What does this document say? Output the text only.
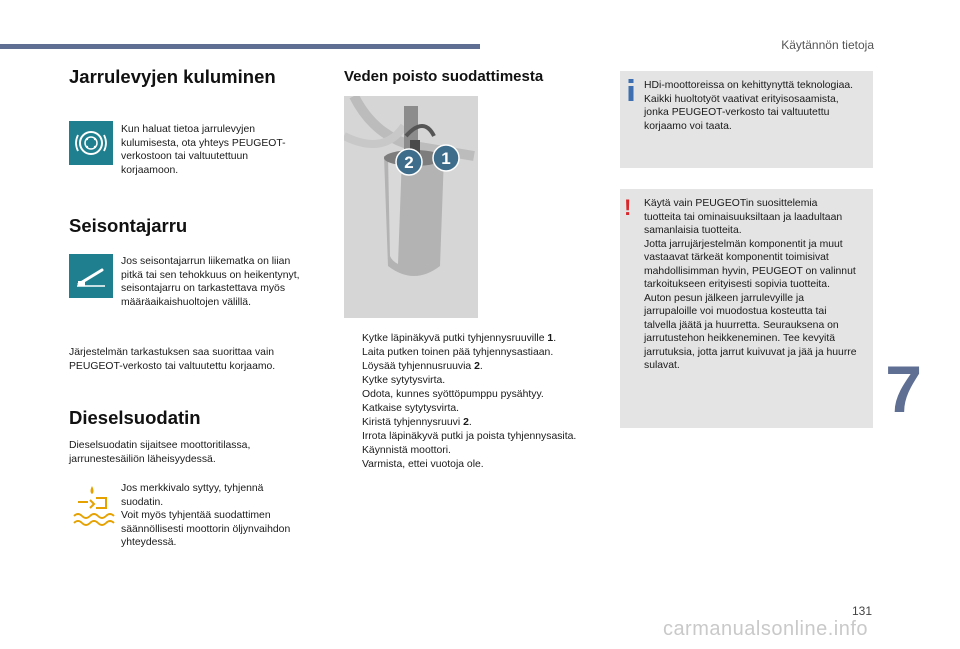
Käytännön tietoja
Jarrulevyjen kuluminen

Kun haluat tietoa jarrulevyjen
kulumisesta, ota yhteys PEUGEOT-
verkostoon tai valtuutettuun
korjaamoon.

Seisontajarru

Jos seisontajarrun liikematka on liian
pitkä tai sen tehokkuus on heikentynyt,
seisontajarru on tarkastettava myös
määräaikaishuoltojen välillä.

Järjestelmän tarkastuksen saa suorittaa vain
PEUGEOT-verkosto tai valtuutettu korjaamo.

Dieselsuodatin

Dieselsuodatin sijaitsee moottoritilassa,
jarrunestesäiliön läheisyydessä.

Jos merkkivalo syttyy, tyhjennä
suodatin.
Voit myös tyhjentää suodattimen
säännöllisesti moottorin öljynvaihdon
yhteydessä.

Veden poisto suodattimesta
2 1
Kytke läpinäkyvä putki tyhjennysruuville 1.
Laita putken toinen pää tyhjennysastiaan.
Löysää tyhjennusruuvia 2.
Kytke sytytysvirta.
Odota, kunnes syöttöpumppu pysähtyy.
Katkaise sytytysvirta.
Kiristä tyhjennysruuvi 2.
Irrota läpinäkyvä putki ja poista tyhjennysasita.
Käynnistä moottori.
Varmista, ettei vuotoja ole.
HDi-moottoreissa on kehittynyttä teknologiaa.
Kaikki huoltotyöt vaativat erityisosaamista,
jonka PEUGEOT-verkosto tai valtuutettu
korjaamo voi taata.
! Käytä vain PEUGEOTin suosittelemia
tuotteita tai ominaisuuksiltaan ja laadultaan
samanlaisia tuotteita.
Jotta jarrujärjestelmän komponentit ja muut
vastaavat tärkeät komponentit toimisivat
mahdollisimman hyvin, PEUGEOT on valinnut
tarkoitukseen erityisesti sopivia tuotteita.
Auton pesun jälkeen jarrulevyille ja
jarrupaloille voi muodostua kosteutta tai
talvella jäätä ja huurretta. Seurauksena on
jarrutustehon heikkeneminen. Tee kevyitä
jarrutuksia, jotta jarrut kuivuvat ja jää ja huurre
sulavat.	7
131
carmanualsonline.info
